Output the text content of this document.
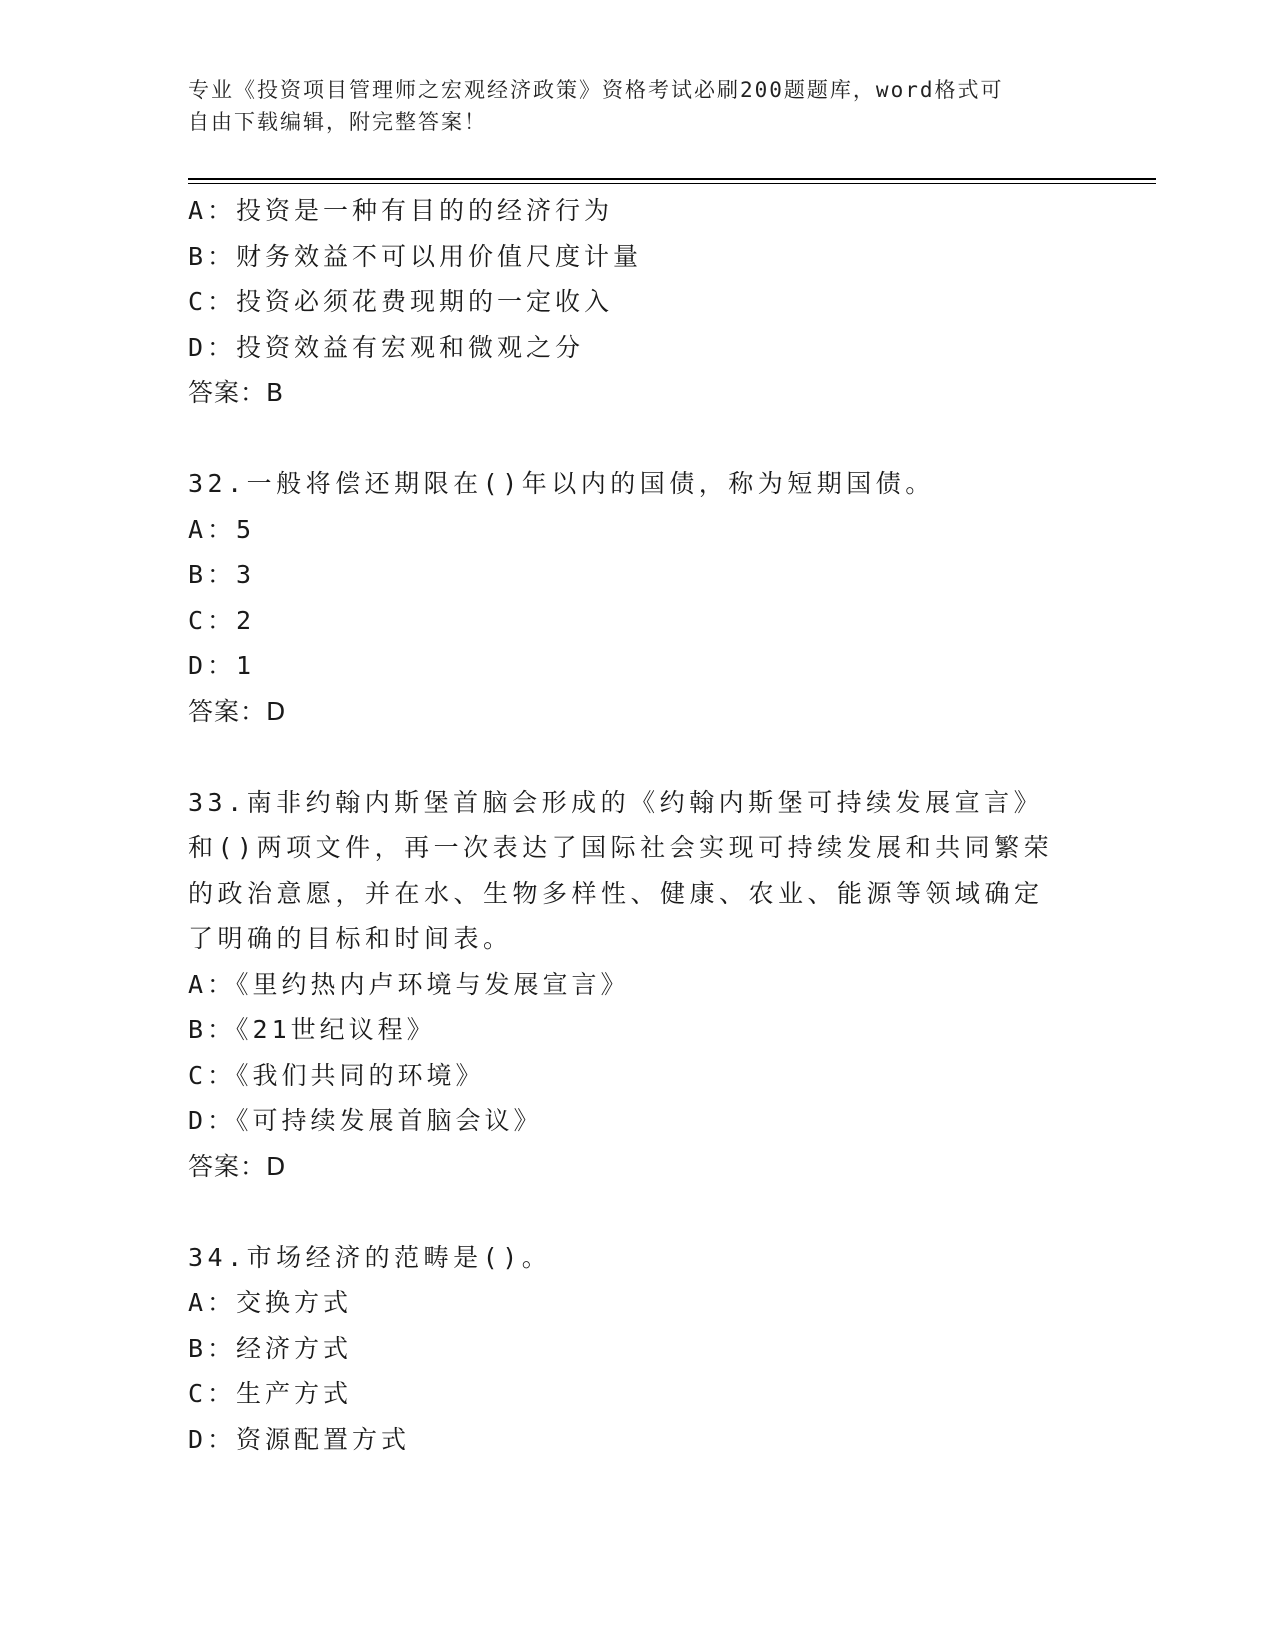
专业《投资项目管理师之宏观经济政策》资格考试必刷200题题库，word格式可
自由下载编辑，附完整答案！
A：投资是一种有目的的经济行为
B：财务效益不可以用价值尺度计量
C：投资必须花费现期的一定收入
D：投资效益有宏观和微观之分
答案：B
32.一般将偿还期限在()年以内的国债，称为短期国债。
A：5
B：3
C：2
D：1
答案：D
33.南非约翰内斯堡首脑会形成的《约翰内斯堡可持续发展宣言》和()两项文件，再一次表达了国际社会实现可持续发展和共同繁荣的政治意愿，并在水、生物多样性、健康、农业、能源等领域确定了明确的目标和时间表。
A：《里约热内卢环境与发展宣言》
B：《21世纪议程》
C：《我们共同的环境》
D：《可持续发展首脑会议》
答案：D
34.市场经济的范畴是()。
A：交换方式
B：经济方式
C：生产方式
D：资源配置方式
